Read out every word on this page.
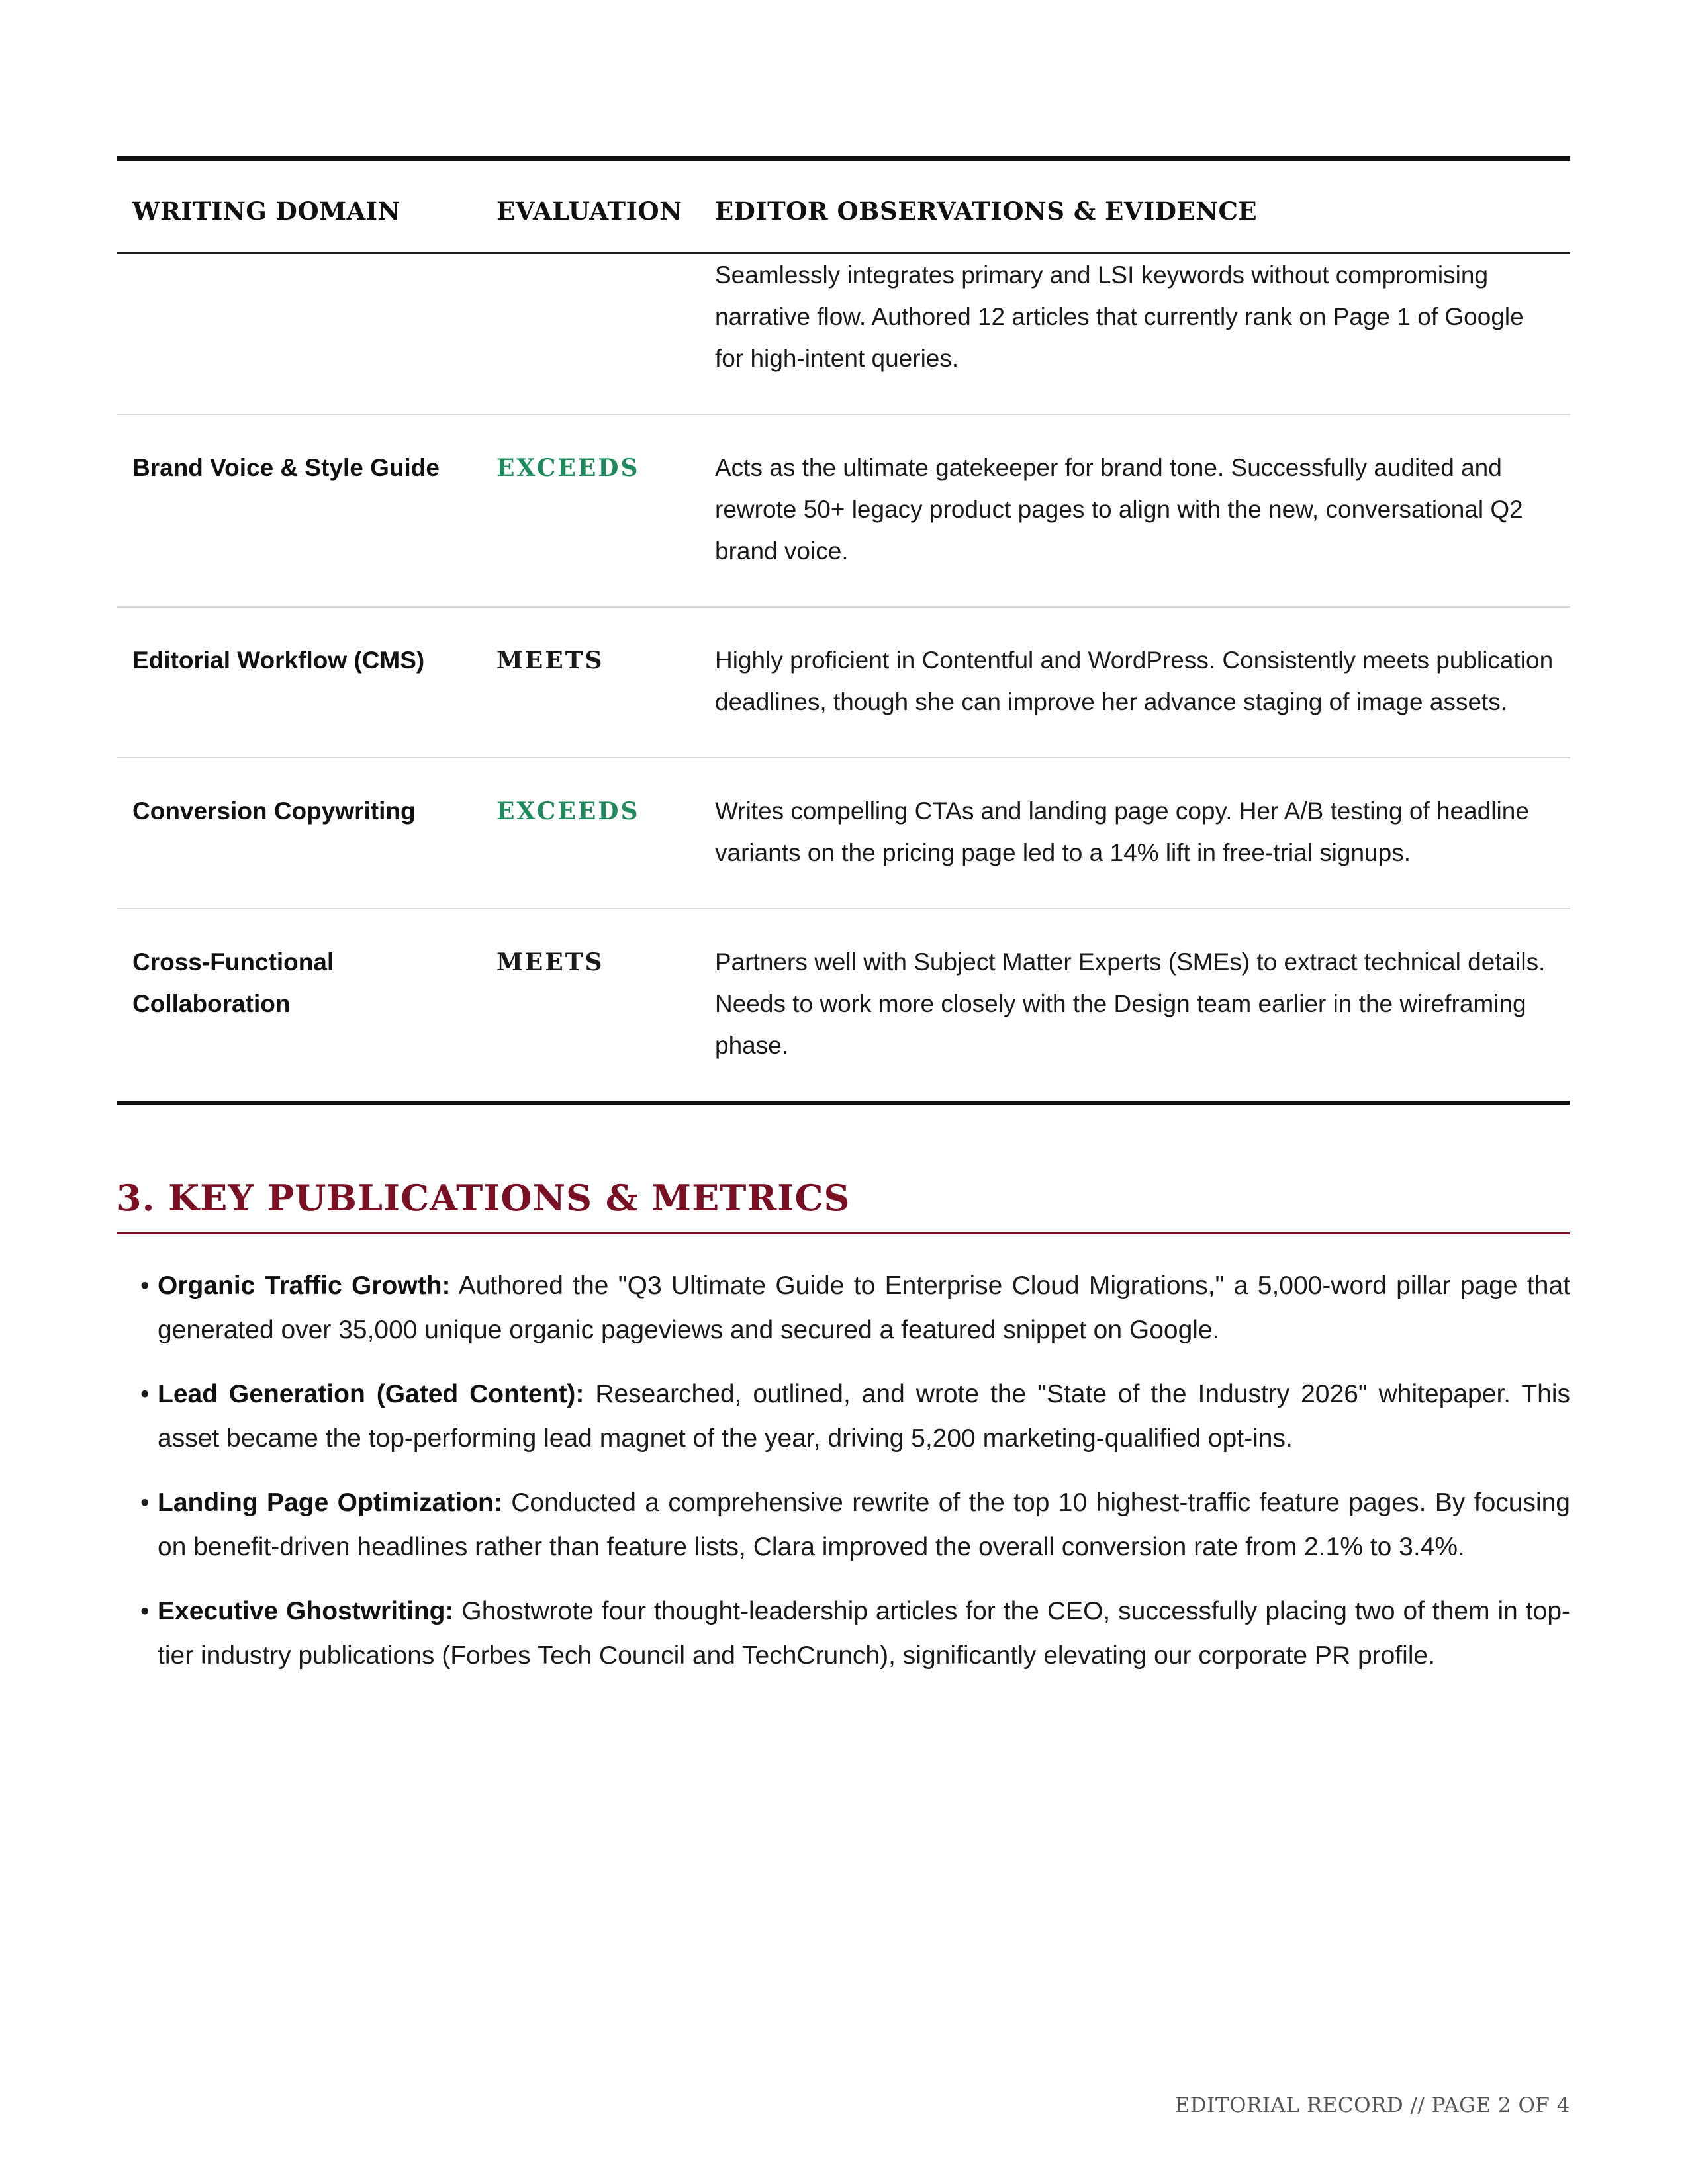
WRITING DOMAIN	EVALUATION	EDITOR OBSERVATIONS & EVIDENCE
		Seamlessly integrates primary and LSI keywords without compromising narrative flow. Authored 12 articles that currently rank on Page 1 of Google for high-intent queries.
Brand Voice & Style Guide	EXCEEDS	Acts as the ultimate gatekeeper for brand tone. Successfully audited and rewrote 50+ legacy product pages to align with the new, conversational Q2 brand voice.
Editorial Workflow (CMS)	MEETS	Highly proficient in Contentful and WordPress. Consistently meets publication deadlines, though she can improve her advance staging of image assets.
Conversion Copywriting	EXCEEDS	Writes compelling CTAs and landing page copy. Her A/B testing of headline variants on the pricing page led to a 14% lift in free-trial signups.
Cross-Functional Collaboration	MEETS	Partners well with Subject Matter Experts (SMEs) to extract technical details. Needs to work more closely with the Design team earlier in the wireframing phase.
3. KEY PUBLICATIONS & METRICS
• Organic Traffic Growth: Authored the "Q3 Ultimate Guide to Enterprise Cloud Migrations," a 5,000-word pillar page that generated over 35,000 unique organic pageviews and secured a featured snippet on Google.
• Lead Generation (Gated Content): Researched, outlined, and wrote the "State of the Industry 2026" whitepaper. This asset became the top-performing lead magnet of the year, driving 5,200 marketing-qualified opt-ins.
• Landing Page Optimization: Conducted a comprehensive rewrite of the top 10 highest-traffic feature pages. By focusing on benefit-driven headlines rather than feature lists, Clara improved the overall conversion rate from 2.1% to 3.4%.
• Executive Ghostwriting: Ghostwrote four thought-leadership articles for the CEO, successfully placing two of them in top-tier industry publications (Forbes Tech Council and TechCrunch), significantly elevating our corporate PR profile.
EDITORIAL RECORD // PAGE 2 OF 4
